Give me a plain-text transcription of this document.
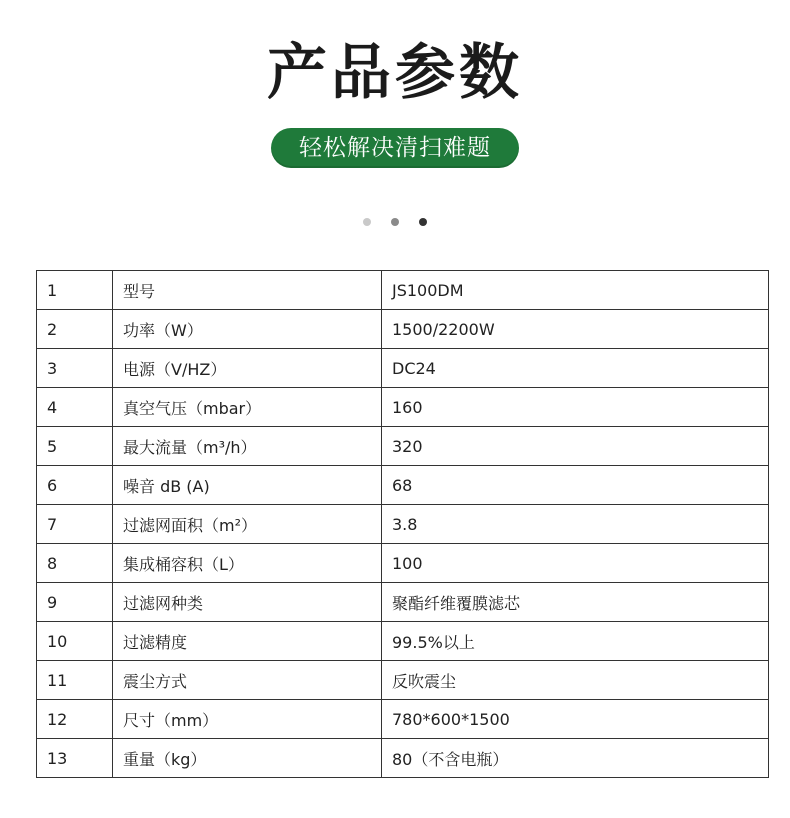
产品参数
轻松解决清扫难题

1	型号	JS100DM
2	功率（W）	1500/2200W
3	电源（V/HZ）	DC24
4	真空气压（mbar）	160
5	最大流量（m³/h）	320
6	噪音 dB (A)	68
7	过滤网面积（m²）	3.8
8	集成桶容积（L）	100
9	过滤网种类	聚酯纤维覆膜滤芯
10	过滤精度	99.5%以上
11	震尘方式	反吹震尘
12	尺寸（mm）	780*600*1500
13	重量（kg）	80（不含电瓶）
